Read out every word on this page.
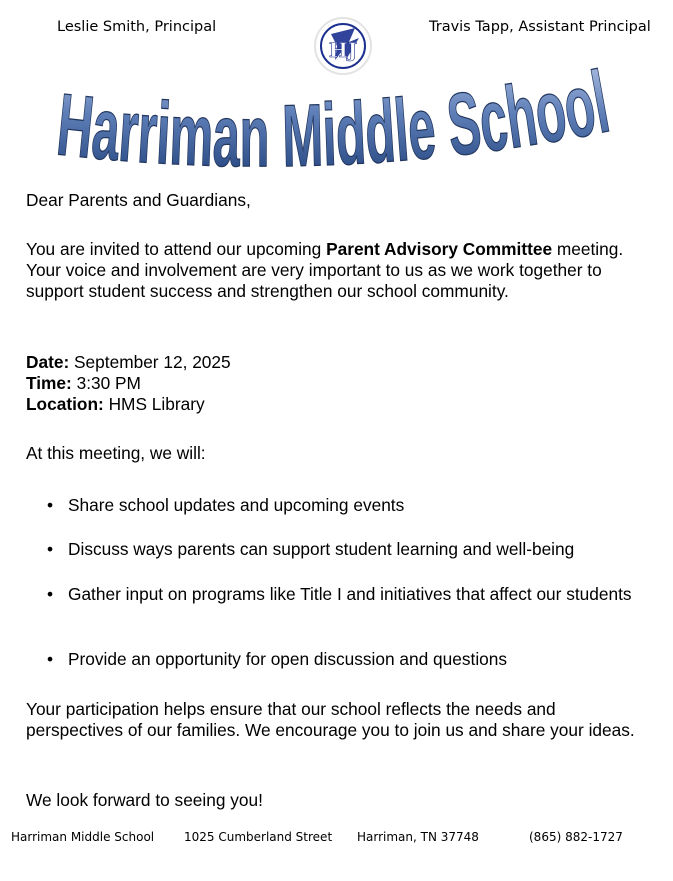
Leslie Smith, Principal	Travis Tapp, Assistant Principal
HJ
Harriman Middle School
Dear Parents and Guardians,
You are invited to attend our upcoming Parent Advisory Committee meeting. Your voice and involvement are very important to us as we work together to support student success and strengthen our school community.
Date: September 12, 2025
Time: 3:30 PM
Location: HMS Library
At this meeting, we will:
• Share school updates and upcoming events
• Discuss ways parents can support student learning and well-being
• Gather input on programs like Title I and initiatives that affect our students
• Provide an opportunity for open discussion and questions
Your participation helps ensure that our school reflects the needs and perspectives of our families. We encourage you to join us and share your ideas.
We look forward to seeing you!
Harriman Middle School 1025 Cumberland Street Harriman, TN 37748	(865) 882-1727
